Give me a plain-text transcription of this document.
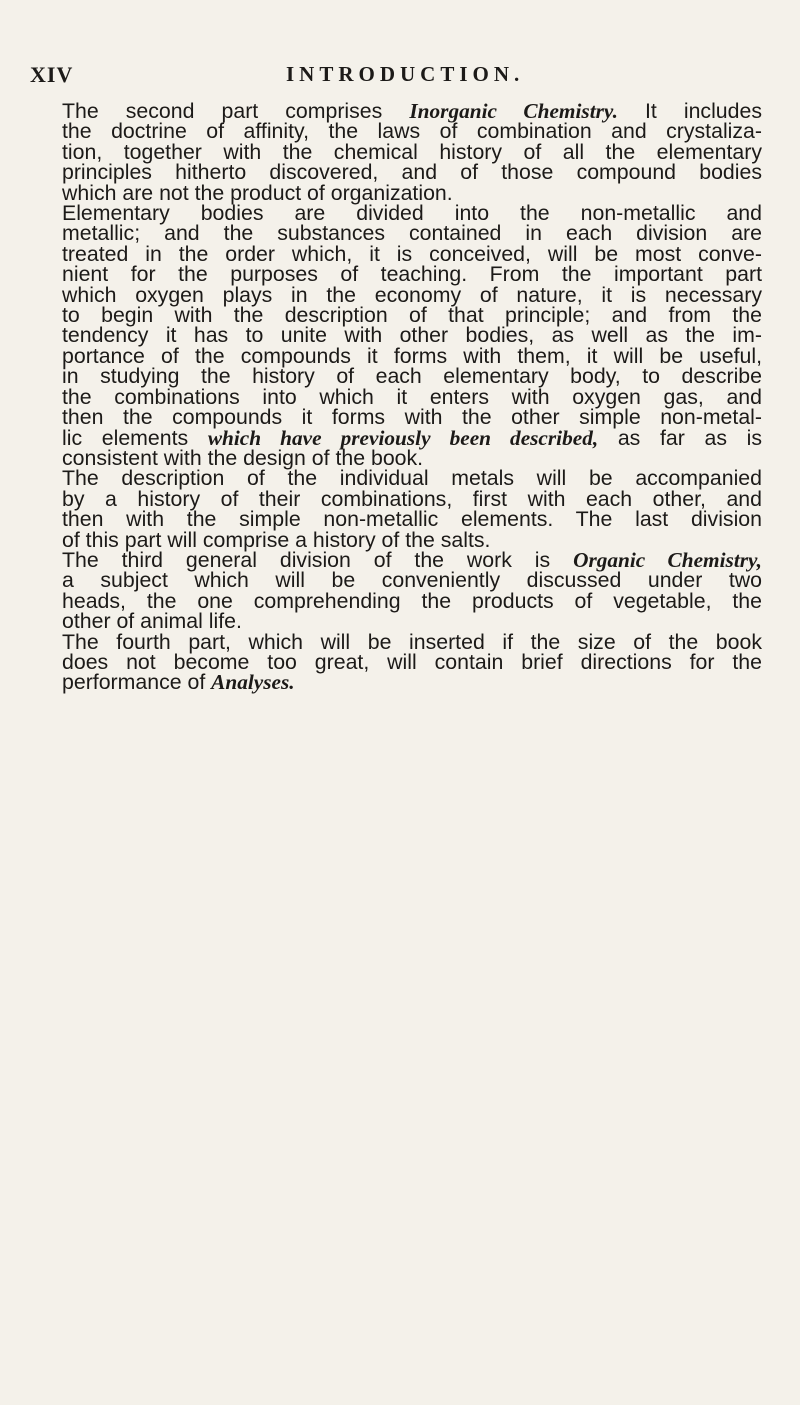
XIV	INTRODUCTION.

The second part comprises Inorganic Chemistry. It includes
the doctrine of affinity, the laws of combination and crystaliza-
tion, together with the chemical history of all the elementary
principles hitherto discovered, and of those compound bodies
which are not the product of organization.

Elementary bodies are divided into the non-metallic and
metallic; and the substances contained in each division are
treated in the order which, it is conceived, will be most conve-
nient for the purposes of teaching. From the important part
which oxygen plays in the economy of nature, it is necessary
to begin with the description of that principle; and from the
tendency it has to unite with other bodies, as well as the im-
portance of the compounds it forms with them, it will be useful,
in studying the history of each elementary body, to describe
the combinations into which it enters with oxygen gas, and
then the compounds it forms with the other simple non-metal-
lic elements which have previously been described, as far as is
consistent with the design of the book.

The description of the individual metals will be accompanied
by a history of their combinations, first with each other, and
then with the simple non-metallic elements. The last division
of this part will comprise a history of the salts.

The third general division of the work is Organic Chemistry,
a subject which will be conveniently discussed under two
heads, the one comprehending the products of vegetable, the
other of animal life.

The fourth part, which will be inserted if the size of the book
does not become too great, will contain brief directions for the
performance of Analyses.
